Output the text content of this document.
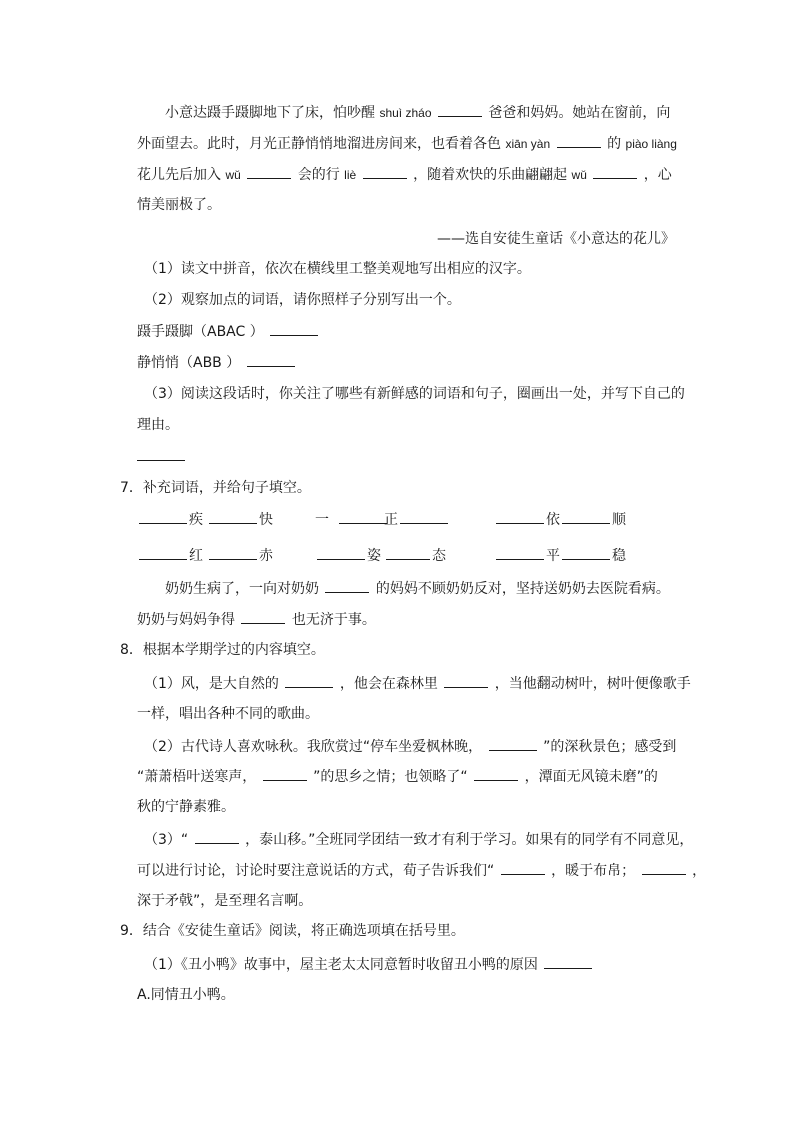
小意达蹑手蹑脚地下了床，怕吵醒 shuì zháo	爸爸和妈妈。她站在窗前，向
外面望去。此时，月光正静悄悄地溜进房间来，也看着各色 xiān yàn	的 piào liàng
花儿先后加入 wǔ	会的行 liè	，随着欢快的乐曲翩翩起 wǔ	，心
情美丽极了。
——选自安徒生童话《小意达的花儿》
（1）读文中拼音，依次在横线里工整美观地写出相应的汉字。
（2）观察加点的词语，请你照样子分别写出一个。
蹑手蹑脚（ABAC ）
静悄悄（ABB ）
（3）阅读这段话时，你关注了哪些有新鲜感的词语和句子，圈画出一处，并写下自己的
理由。
7．补充词语，并给句子填空。
疾	快	一	正	依	顺
红	赤	姿	态	平	稳
奶奶生病了，一向对奶奶	的妈妈不顾奶奶反对，坚持送奶奶去医院看病。
奶奶与妈妈争得	也无济于事。
8．根据本学期学过的内容填空。
（1）风，是大自然的	，他会在森林里	，当他翻动树叶，树叶便像歌手
一样，唱出各种不同的歌曲。
（2）古代诗人喜欢咏秋。我欣赏过“停车坐爱枫林晚，	”的深秋景色；感受到
“萧萧梧叶送寒声，	”的思乡之情；也领略了“	，潭面无风镜未磨”的
秋的宁静素雅。
（3）“	，泰山移。”全班同学团结一致才有利于学习。如果有的同学有不同意见，
可以进行讨论，讨论时要注意说话的方式，荀子告诉我们“	，暖于布帛；	，
深于矛戟”，是至理名言啊。
9．结合《安徒生童话》阅读，将正确选项填在括号里。
（1）《丑小鸭》故事中，屋主老太太同意暂时收留丑小鸭的原因
A.同情丑小鸭。
